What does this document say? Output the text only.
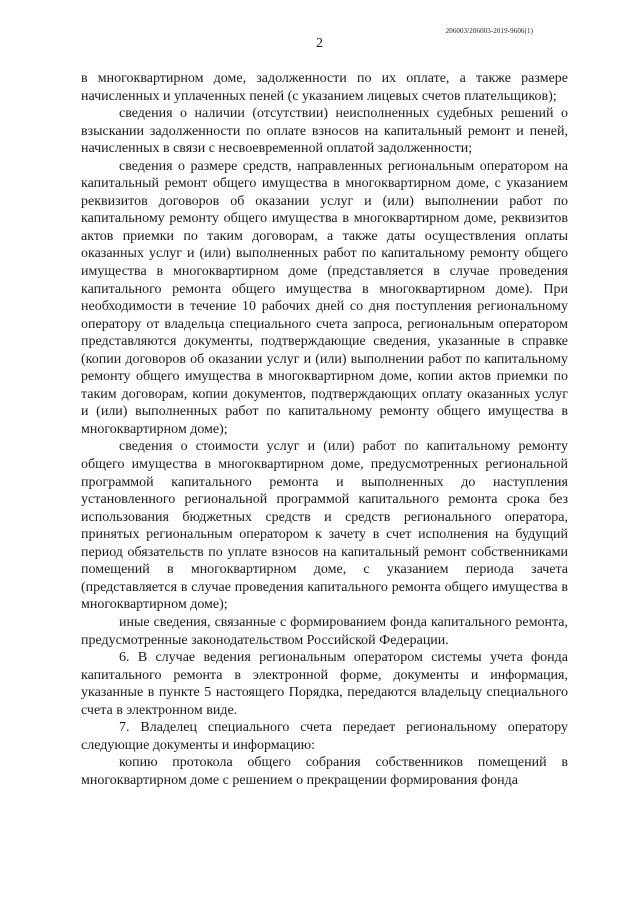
206003/206003-2019-9606(1)
2

в многоквартирном доме, задолженности по их оплате, а также размере начисленных и уплаченных пеней (с указанием лицевых счетов плательщиков);

сведения о наличии (отсутствии) неисполненных судебных решений о взыскании задолженности по оплате взносов на капитальный ремонт и пеней, начисленных в связи с несвоевременной оплатой задолженности;

сведения о размере средств, направленных региональным оператором на капитальный ремонт общего имущества в многоквартирном доме, с указанием реквизитов договоров об оказании услуг и (или) выполнении работ по капитальному ремонту общего имущества в многоквартирном доме, реквизитов актов приемки по таким договорам, а также даты осуществления оплаты оказанных услуг и (или) выполненных работ по капитальному ремонту общего имущества в многоквартирном доме (представляется в случае проведения капитального ремонта общего имущества в многоквартирном доме). При необходимости в течение 10 рабочих дней со дня поступления региональному оператору от владельца специального счета запроса, региональным оператором представляются документы, подтверждающие сведения, указанные в справке (копии договоров об оказании услуг и (или) выполнении работ по капитальному ремонту общего имущества в многоквартирном доме, копии актов приемки по таким договорам, копии документов, подтверждающих оплату оказанных услуг и (или) выполненных работ по капитальному ремонту общего имущества в многоквартирном доме);

сведения о стоимости услуг и (или) работ по капитальному ремонту общего имущества в многоквартирном доме, предусмотренных региональной программой капитального ремонта и выполненных до наступления установленного региональной программой капитального ремонта срока без использования бюджетных средств и средств регионального оператора, принятых региональным оператором к зачету в счет исполнения на будущий период обязательств по уплате взносов на капитальный ремонт собственниками помещений в многоквартирном доме, с указанием периода зачета (представляется в случае проведения капитального ремонта общего имущества в многоквартирном доме);

иные сведения, связанные с формированием фонда капитального ремонта, предусмотренные законодательством Российской Федерации.

6. В случае ведения региональным оператором системы учета фонда капитального ремонта в электронной форме, документы и информация, указанные в пункте 5 настоящего Порядка, передаются владельцу специального счета в электронном виде.

7. Владелец специального счета передает региональному оператору следующие документы и информацию:

копию протокола общего собрания собственников помещений в многоквартирном доме с решением о прекращении формирования фонда
